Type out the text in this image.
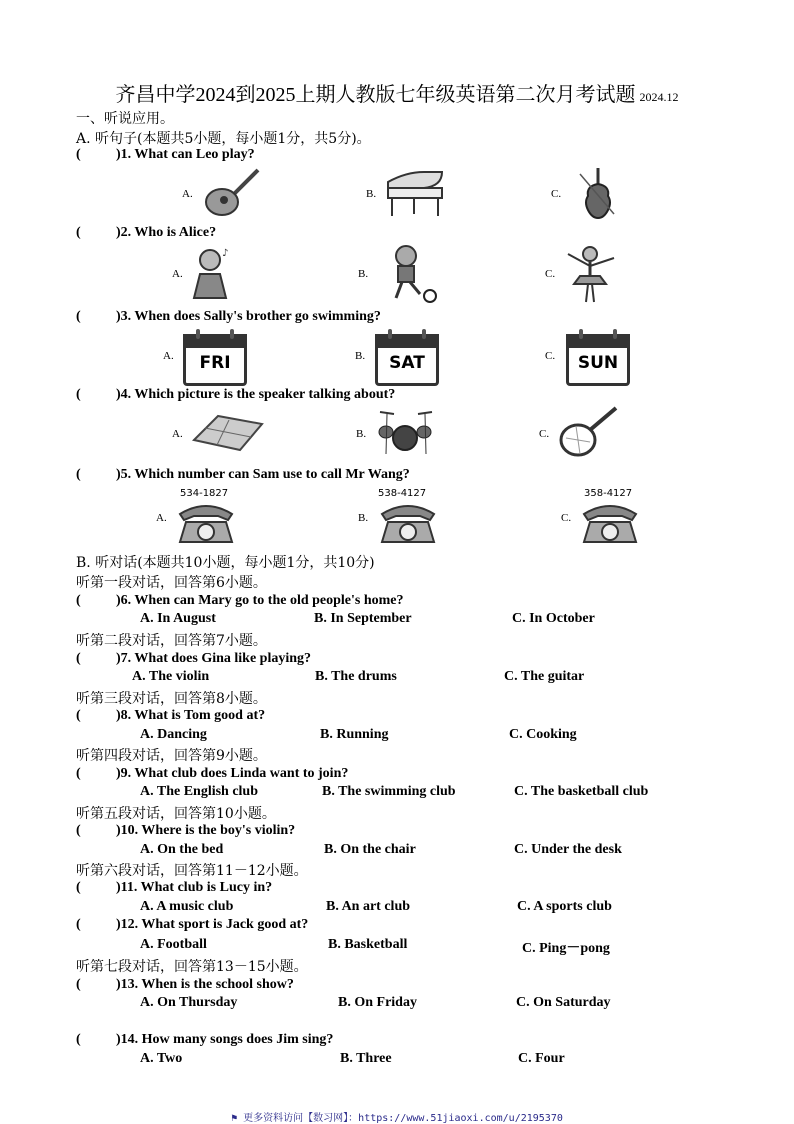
齐昌中学2024到2025上期人教版七年级英语第二次月考试题 2024.12
一、听说应用。
A. 听句子(本题共5小题，每小题1分，共5分)。
(	)1. What can Leo play?
A.	B.	C.
(	)2. Who is Alice?
A.
♪
B.	C.
(	)3. When does Sally's brother go swimming?
A.	FRI	B.	SAT	C.	SUN
(	)4. Which picture is the speaker talking about?
A.	B.	C.
(	)5. Which number can Sam use to call Mr Wang?
534-1827	538-4127	358-4127
A.	B.	C.
B. 听对话(本题共10小题，每小题1分，共10分)
听第一段对话，回答第6小题。
(	)6. When can Mary go to the old people's home?
A. In August	B. In September	C. In October
听第二段对话，回答第7小题。
(	)7. What does Gina like playing?
A. The violin	B. The drums	C. The guitar
听第三段对话，回答第8小题。
(	)8. What is Tom good at?
A. Dancing	B. Running	C. Cooking
听第四段对话，回答第9小题。
(	)9. What club does Linda want to join?
A. The English club	B. The swimming club	C. The basketball club
听第五段对话，回答第10小题。
(	)10. Where is the boy's violin?
A. On the bed	B. On the chair	C. Under the desk
听第六段对话，回答第11－12小题。
(	)11. What club is Lucy in?
A. A music club	B. An art club	C. A sports club
(	)12. What sport is Jack good at?
A. Football	B. Basketball	C. Ping－pong
听第七段对话，回答第13－15小题。
(	)13. When is the school show?
A. On Thursday	B. On Friday	C. On Saturday
(	)14. How many songs does Jim sing?
A. Two	B. Three	C. Four
⚑ 更多资料访问【数习网】：https://www.51jiaoxi.com/u/2195370
